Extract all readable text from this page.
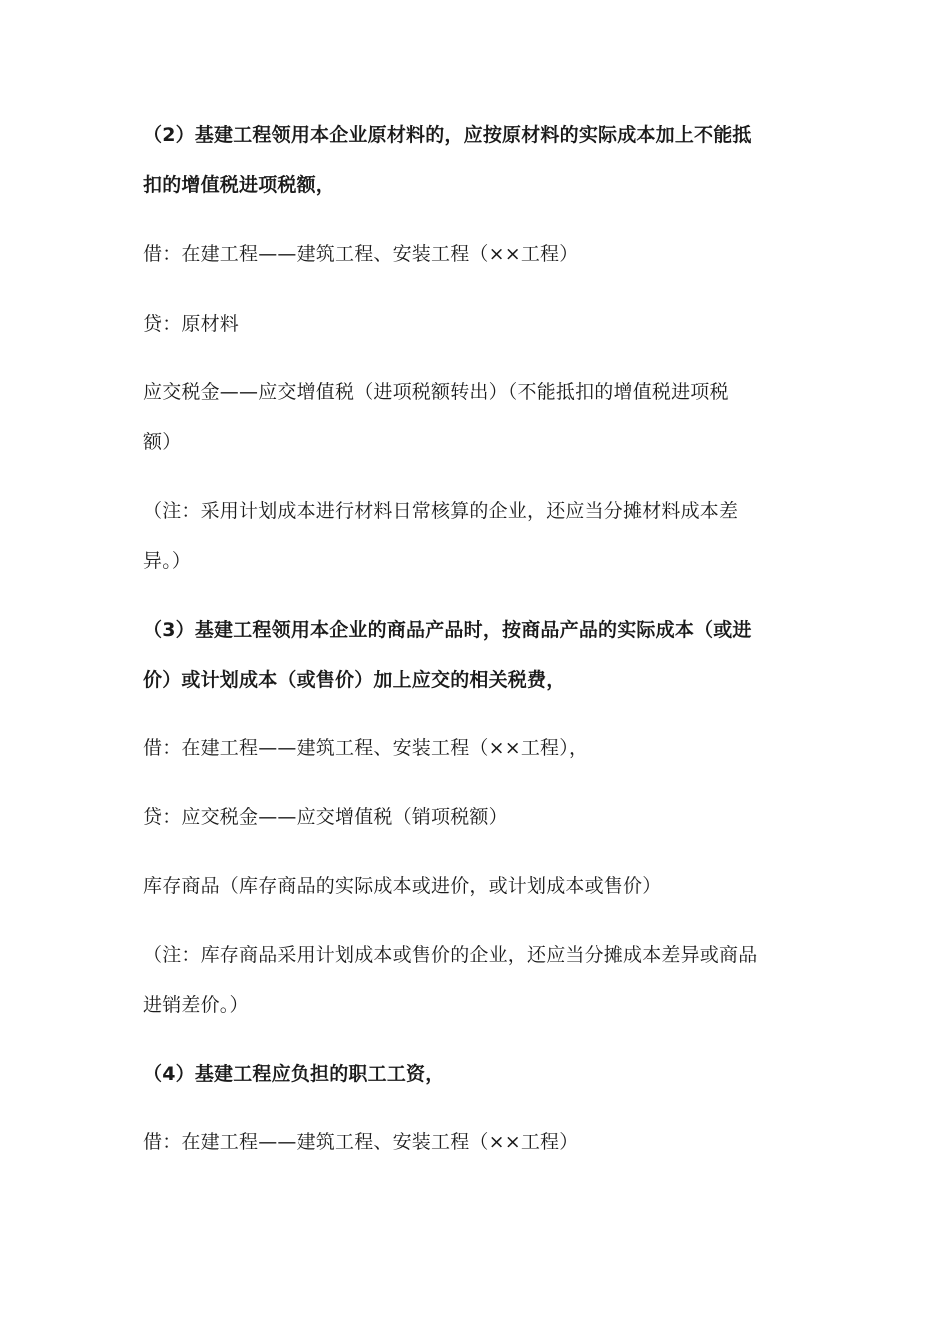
（2）基建工程领用本企业原材料的，应按原材料的实际成本加上不能抵
扣的增值税进项税额，
借：在建工程——建筑工程、安装工程（××工程）
贷：原材料
应交税金——应交增值税（进项税额转出）（不能抵扣的增值税进项税
额）
（注：采用计划成本进行材料日常核算的企业，还应当分摊材料成本差
异。）
（3）基建工程领用本企业的商品产品时，按商品产品的实际成本（或进
价）或计划成本（或售价）加上应交的相关税费，
借：在建工程——建筑工程、安装工程（××工程），
贷：应交税金——应交增值税（销项税额）
库存商品（库存商品的实际成本或进价，或计划成本或售价）
（注：库存商品采用计划成本或售价的企业，还应当分摊成本差异或商品
进销差价。）
（4）基建工程应负担的职工工资，
借：在建工程——建筑工程、安装工程（××工程）
